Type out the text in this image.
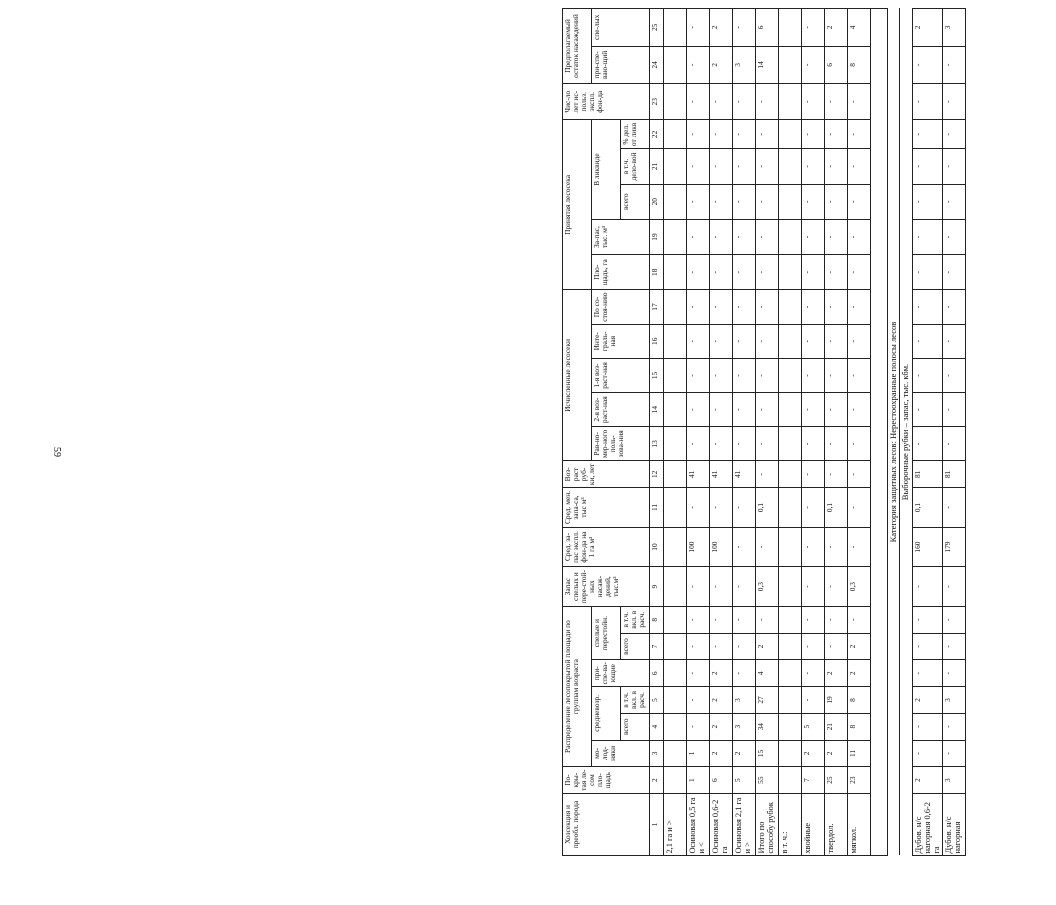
59
Хозсекция и преобл. порода	По-кры-тая ле-сом пло-щадь	Распределение лесопокрытой площади по группам возраста						Запас спелых и пере-стой-ных насаж-дений, тыс.м³	Сред. за-пас экспл. фон-да на 1 га м³	Сред. мен. запа-са, тыс м³	Воз-раст руб-ки, лет	Исчисленные лесосеки					Принятая лесосека					Чис-ло лет ис-польз. экспл. фон-да	Предполагаемый остаток насаждений	
		мо-лод-няки	средневозр.		при-спе-ва-ющие	спелые и перестойн.						Рав-но-мер-ного поль-зова-ния	2-я воз-раст-ная	1-я воз-раст-ная	Инте-граль-ная	По со-стоя-нию	Пло-щадь, га	За-пас, тыс. м³	В ликвиде				при-спе-ваю-щий	спе-лых
			всего	в т.ч. вкл. в расч.		всего	в т.ч. вкл. в расч.												всего	в т.ч. дело-вой	% дел. от ликв			
1	2	3	4	5	6	7	8	9	10	11	12	13	14	15	16	17	18	19	20	21	22	23	24	25
2,1 га и >																								
Осиновая 0,5 га и <	1	1	-	-	-	-	-	-	100	-	41	-	-	-	-	-	-	-	-	-	-	-	-	-
Осиновая 0,6-2 га	6	2	2	2	2	-	-	-	100	-	41	-	-	-	-	-	-	-	-	-	-	-	2	2
Осиновая 2,1 га и >	5	2	3	3	-	-	-	-	-	-	41	-	-	-	-	-	-	-	-	-	-	-	3	-
Итого по способу рубок	55	15	34	27	4	2	-	0,3	-	0,1	-	-	-	-	-	-	-	-	-	-	-	-	14	6
в т. ч.:																								
хвойные	7	2	5	-	-	-	-	-	-	-	-	-	-	-	-	-	-	-	-	-	-	-	-	-
твердол.	25	2	21	19	2	-	-	-	-	0,1	-	-	-	-	-	-	-	-	-	-	-	-	6	2
мягкол.	23	11	8	8	2	2	-	0,3	-	-	-	-	-	-	-	-	-	-	-	-	-	-	8	4

Категория защитных лесов: Нерестоохранные полосы лесов																								
Выборочные рубки – запас, тыс. кбм.																								
Дубов. н/с нагорная 0,6-2 га	2	-	-	2	-	-	-	-	160	0,1	81	-	-	-	-	-	-	-	-	-	-	-	-	2
Дубов. н/с нагорная	3	-	-	3	-	-	-	-	179	-	81	-	-	-	-	-	-	-	-	-	-	-	-	3
